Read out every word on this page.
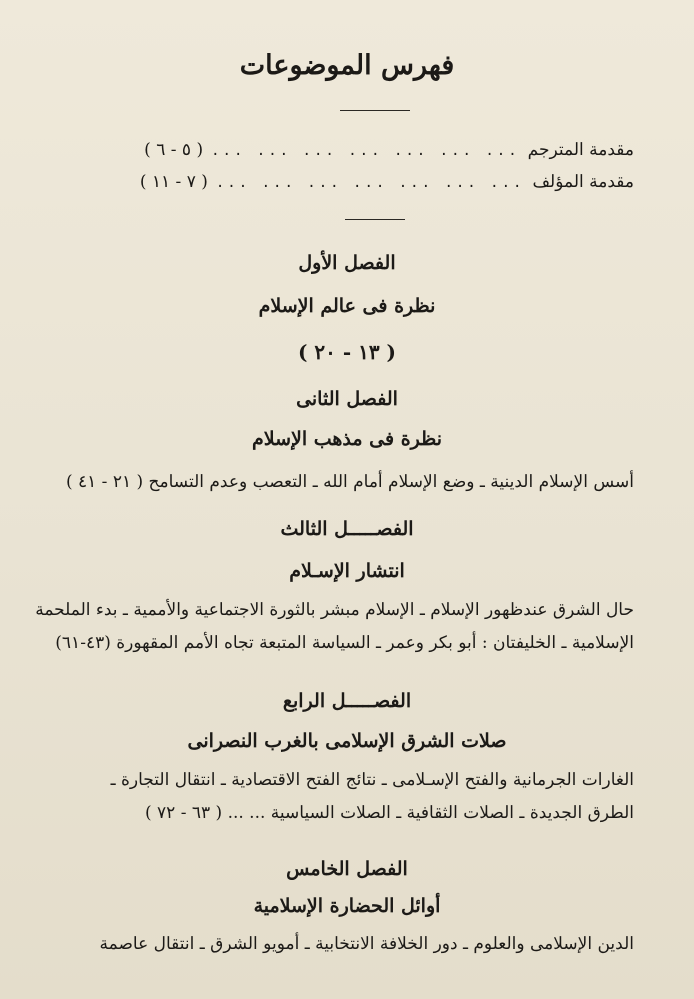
فهرس الموضوعات
مقدمة المترجم
... ... ... ... ... ... ...
( ٥ - ٦ )
مقدمة المؤلف
... ... ... ... ... ... ...
( ٧ - ١١ )
الفصل الأول
نظرة فى عالم الإسلام
( ١٣ - ٢٠ )
الفصل الثانى
نظرة فى مذهب الإسلام
أسس الإسلام الدينية ـ وضع الإسلام أمام الله ـ التعصب وعدم التسامح ( ٢١ - ٤١ )
الفصـــــل الثالث
انتشار الإسـلام
حال الشرق عندظهور الإسلام ـ الإسلام مبشر بالثورة الاجتماعية والأممية ـ بدء الملحمة
الإسلامية ـ الخليفتان : أبو بكر وعمر ـ السياسة المتبعة تجاه الأمم المقهورة (٤٣-٦١)
الفصـــــل الرابع
صلات الشرق الإسلامى بالغرب النصرانى
الغارات الجرمانية والفتح الإسـلامى ـ نتائج الفتح الاقتصادية ـ انتقال التجارة ـ
الطرق الجديدة ـ الصلات الثقافية ـ الصلات السياسية ... ... ( ٦٣ - ٧٢ )
الفصل الخامس
أوائل الحضارة الإسلامية
الدين الإسلامى والعلوم ـ دور الخلافة الانتخابية ـ أمويو الشرق ـ انتقال عاصمة
